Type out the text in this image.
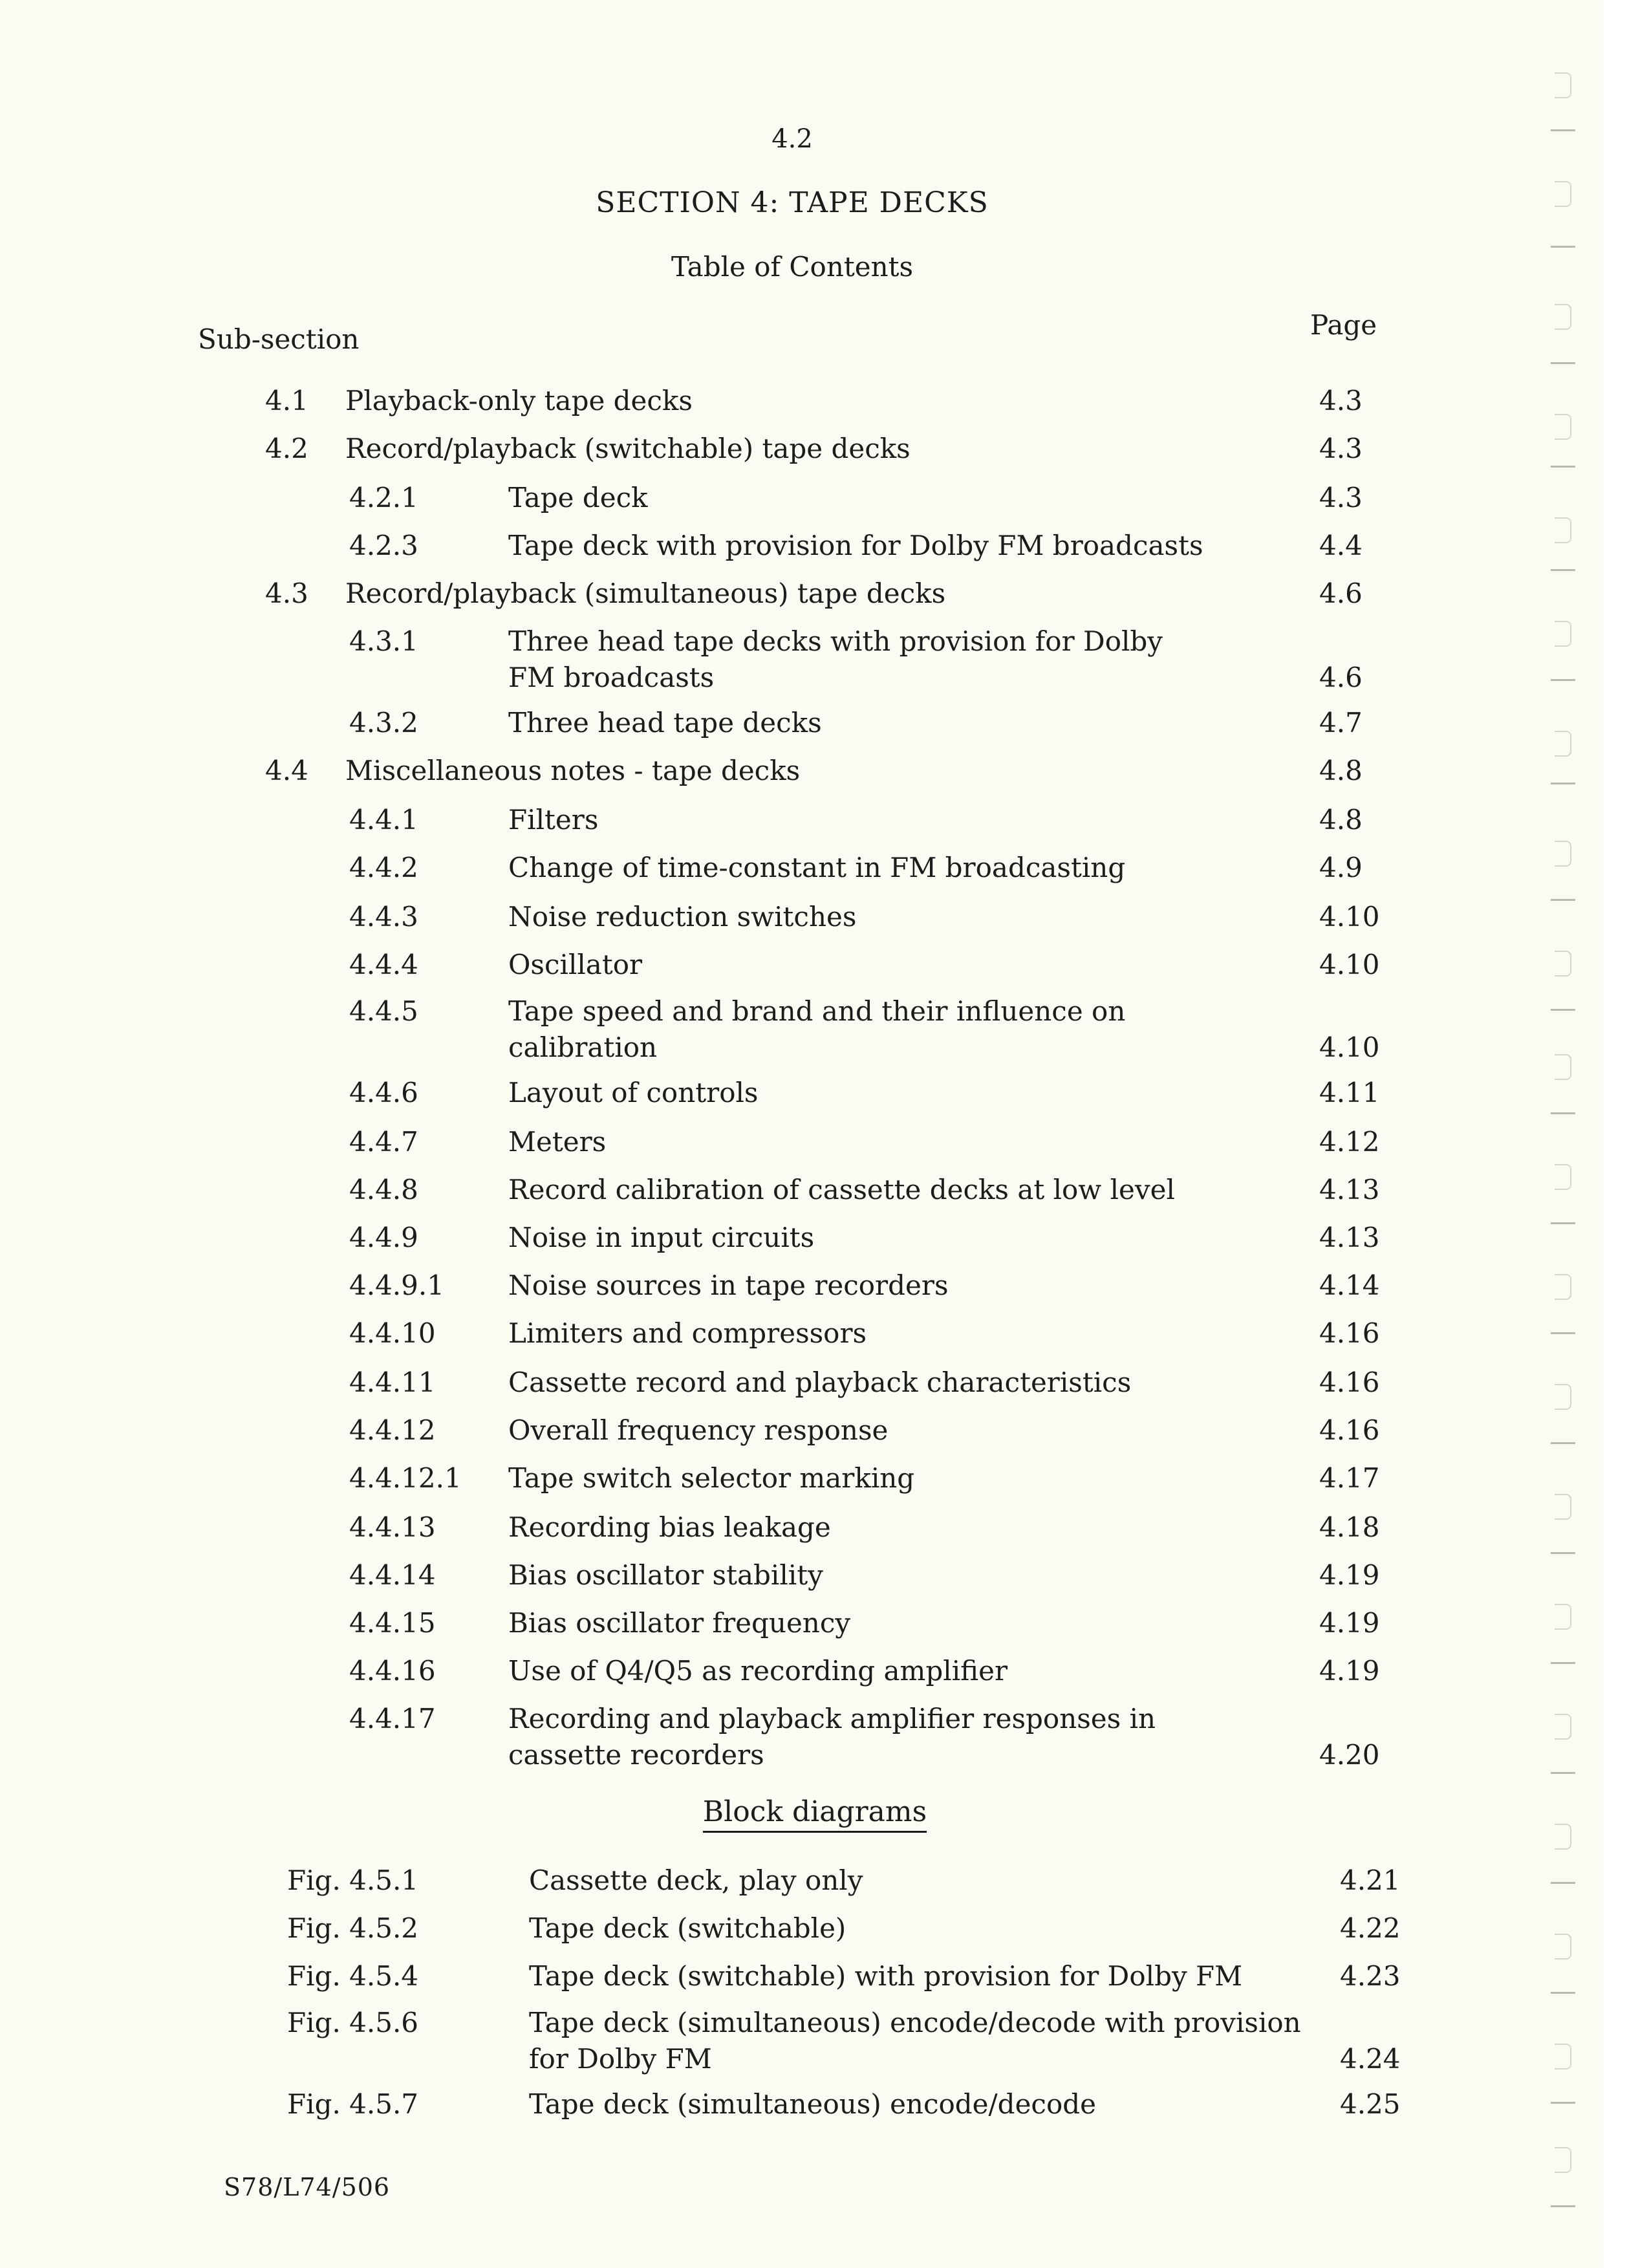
4.2
SECTION 4: TAPE DECKS
Table of Contents
Sub-section	Page
4.1 Playback-only tape decks	4.3
4.2 Record/playback (switchable) tape decks	4.3
4.2.1	Tape deck	4.3
4.2.3	Tape deck with provision for Dolby FM broadcasts	4.4
4.3 Record/playback (simultaneous) tape decks	4.6
4.3.1	Three head tape decks with provision for Dolby FM broadcasts	4.6
4.3.2	Three head tape decks	4.7
4.4 Miscellaneous notes - tape decks	4.8
4.4.1	Filters	4.8
4.4.2	Change of time-constant in FM broadcasting	4.9
4.4.3	Noise reduction switches	4.10
4.4.4	Oscillator	4.10
4.4.5	Tape speed and brand and their influence on calibration	4.10
4.4.6	Layout of controls	4.11
4.4.7	Meters	4.12
4.4.8	Record calibration of cassette decks at low level	4.13
4.4.9	Noise in input circuits	4.13
4.4.9.1 Noise sources in tape recorders	4.14
4.4.10	Limiters and compressors	4.16
4.4.11	Cassette record and playback characteristics	4.16
4.4.12	Overall frequency response	4.16
4.4.12.1 Tape switch selector marking	4.17
4.4.13	Recording bias leakage	4.18
4.4.14	Bias oscillator stability	4.19
4.4.15	Bias oscillator frequency	4.19
4.4.16	Use of Q4/Q5 as recording amplifier	4.19
4.4.17	Recording and playback amplifier responses in cassette recorders	4.20
Block diagrams
Fig. 4.5.1	Cassette deck, play only	4.21
Fig. 4.5.2	Tape deck (switchable)	4.22
Fig. 4.5.4	Tape deck (switchable) with provision for Dolby FM	4.23
Fig. 4.5.6	Tape deck (simultaneous) encode/decode with provision for Dolby FM	4.24
Fig. 4.5.7	Tape deck (simultaneous) encode/decode	4.25
S78/L74/506
